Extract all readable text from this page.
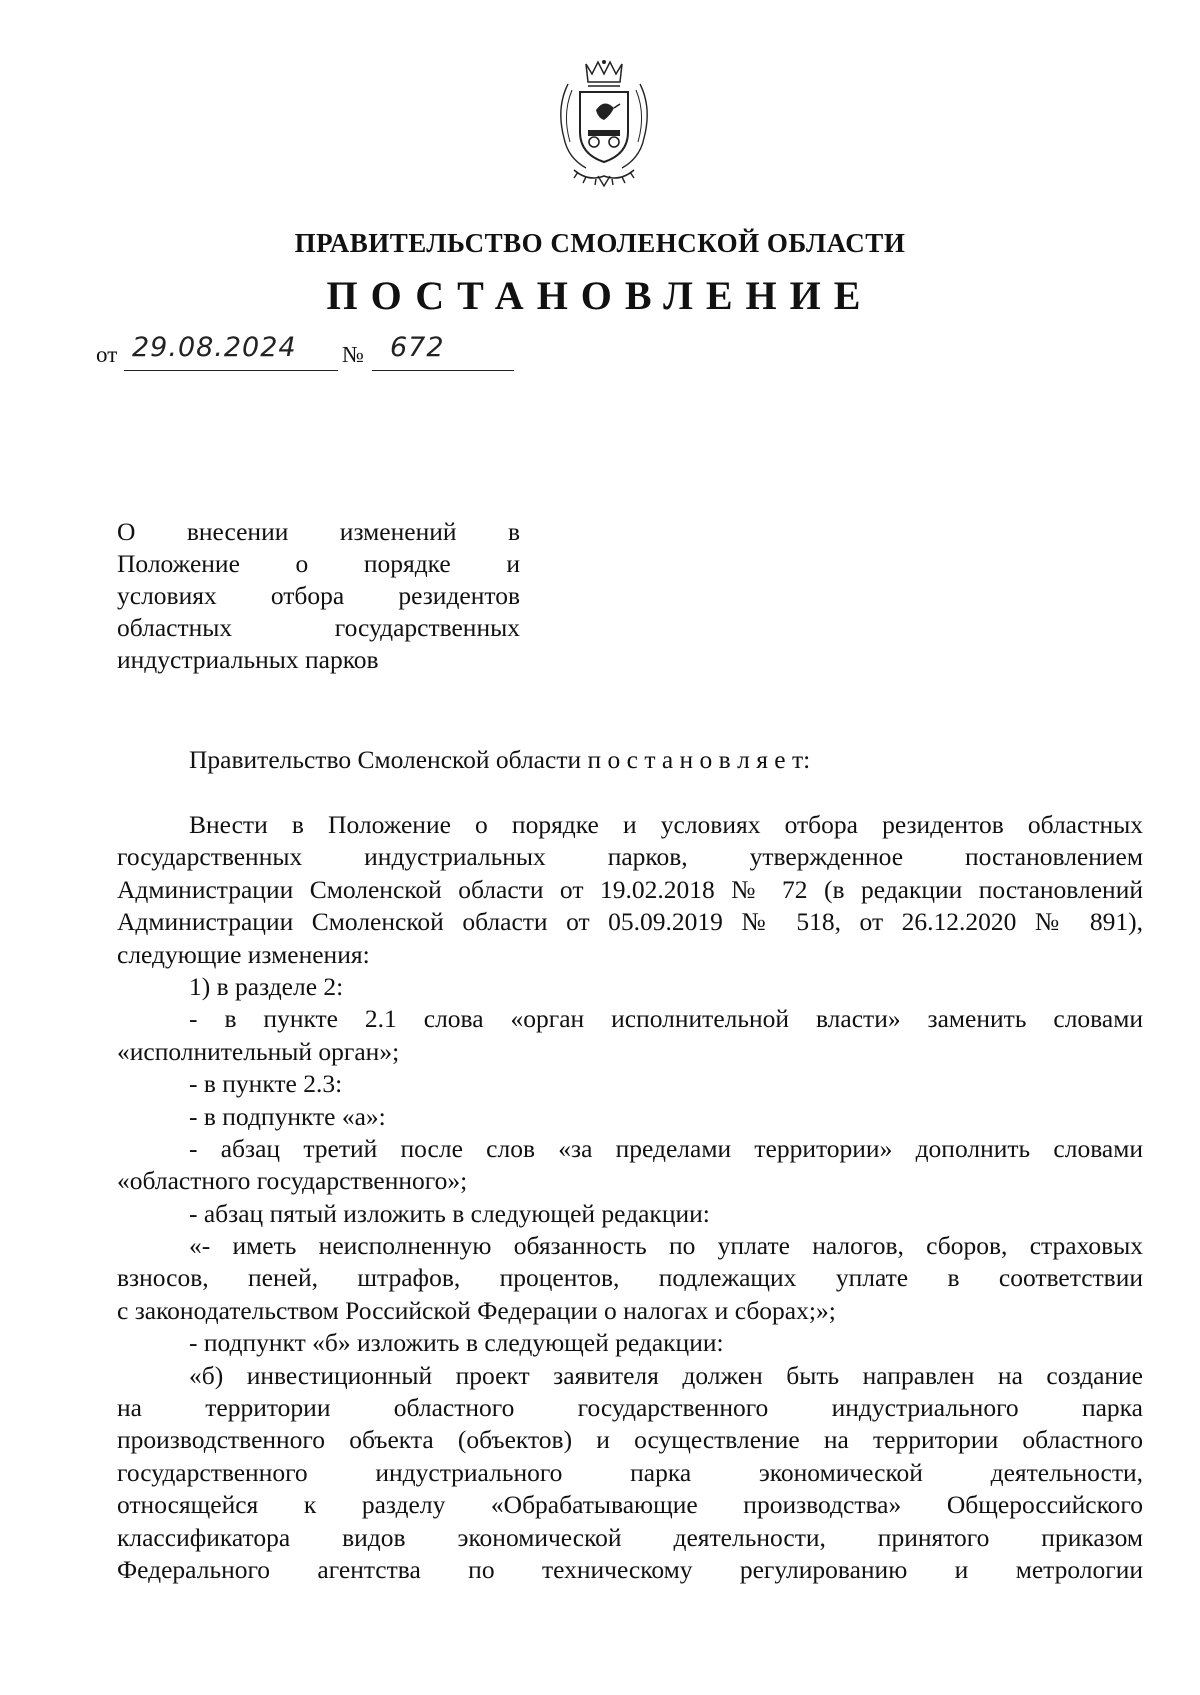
ПРАВИТЕЛЬСТВО СМОЛЕНСКОЙ ОБЛАСТИ
ПОСТАНОВЛЕНИЕ
от 29.08.2024 № 672
О внесении изменений в
Положение о порядке и
условиях отбора резидентов
областных государственных
индустриальных парков
Правительство Смоленской области п о с т а н о в л я е т:
Внести в Положение о порядке и условиях отбора резидентов областных
государственных индустриальных парков, утвержденное постановлением
Администрации Смоленской области от 19.02.2018 № 72 (в редакции постановлений
Администрации Смоленской области от 05.09.2019 № 518, от 26.12.2020 № 891),
следующие изменения:
1) в разделе 2:
- в пункте 2.1 слова «орган исполнительной власти» заменить словами
«исполнительный орган»;
- в пункте 2.3:
- в подпункте «а»:
- абзац третий после слов «за пределами территории» дополнить словами
«областного государственного»;
- абзац пятый изложить в следующей редакции:
«- иметь неисполненную обязанность по уплате налогов, сборов, страховых
взносов, пеней, штрафов, процентов, подлежащих уплате в соответствии
с законодательством Российской Федерации о налогах и сборах;»;
- подпункт «б» изложить в следующей редакции:
«б) инвестиционный проект заявителя должен быть направлен на создание
на территории областного государственного индустриального парка
производственного объекта (объектов) и осуществление на территории областного
государственного индустриального парка экономической деятельности,
относящейся к разделу «Обрабатывающие производства» Общероссийского
классификатора видов экономической деятельности, принятого приказом
Федерального агентства по техническому регулированию и метрологии
